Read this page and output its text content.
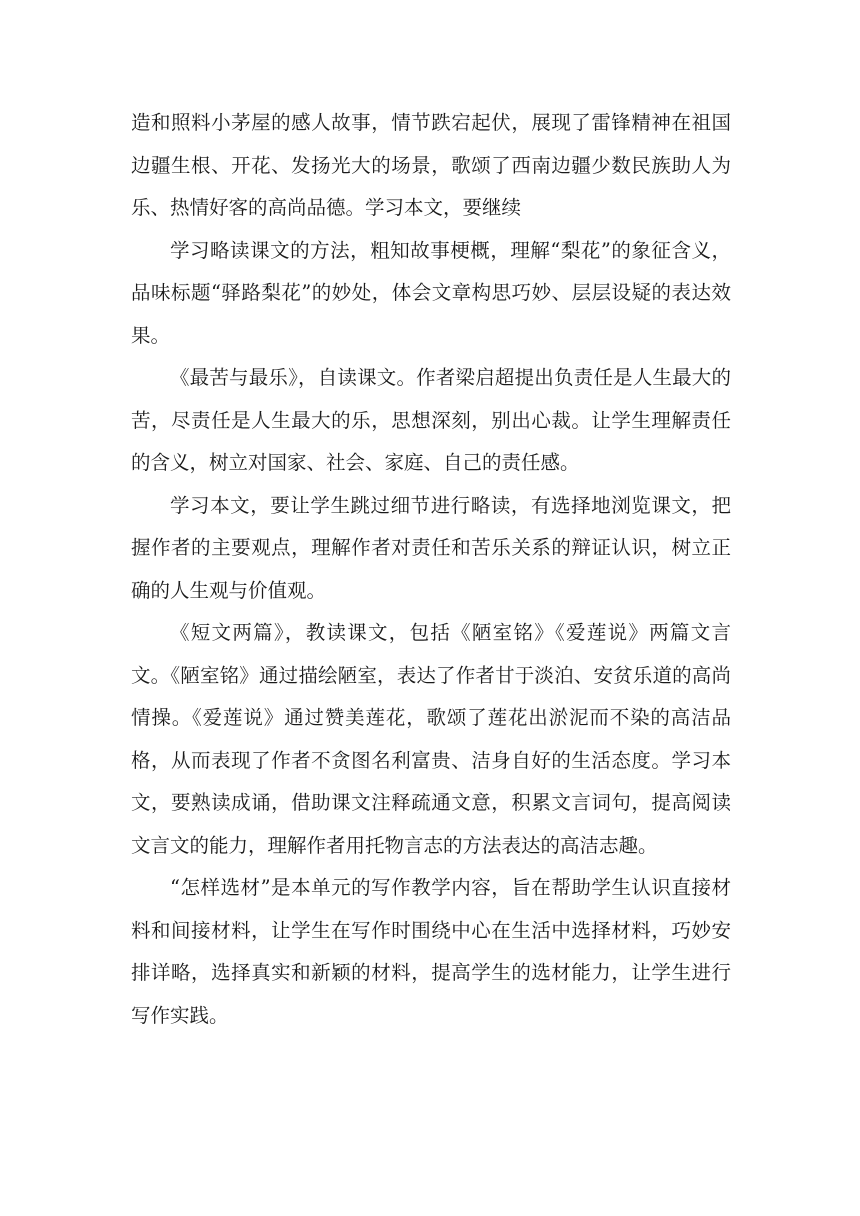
造和照料小茅屋的感人故事，情节跌宕起伏，展现了雷锋精神在祖国边疆生根、开花、发扬光大的场景，歌颂了西南边疆少数民族助人为乐、热情好客的高尚品德。学习本文，要继续

学习略读课文的方法，粗知故事梗概，理解“梨花”的象征含义，品味标题“驿路梨花”的妙处，体会文章构思巧妙、层层设疑的表达效果。

《最苦与最乐》，自读课文。作者梁启超提出负责任是人生最大的苦，尽责任是人生最大的乐，思想深刻，别出心裁。让学生理解责任的含义，树立对国家、社会、家庭、自己的责任感。

学习本文，要让学生跳过细节进行略读，有选择地浏览课文，把握作者的主要观点，理解作者对责任和苦乐关系的辩证认识，树立正确的人生观与价值观。

《短文两篇》，教读课文，包括《陋室铭》《爱莲说》两篇文言文。《陋室铭》通过描绘陋室，表达了作者甘于淡泊、安贫乐道的高尚情操。《爱莲说》通过赞美莲花，歌颂了莲花出淤泥而不染的高洁品格，从而表现了作者不贪图名利富贵、洁身自好的生活态度。学习本文，要熟读成诵，借助课文注释疏通文意，积累文言词句，提高阅读文言文的能力，理解作者用托物言志的方法表达的高洁志趣。

“怎样选材”是本单元的写作教学内容，旨在帮助学生认识直接材料和间接材料，让学生在写作时围绕中心在生活中选择材料，巧妙安排详略，选择真实和新颖的材料，提高学生的选材能力，让学生进行写作实践。
